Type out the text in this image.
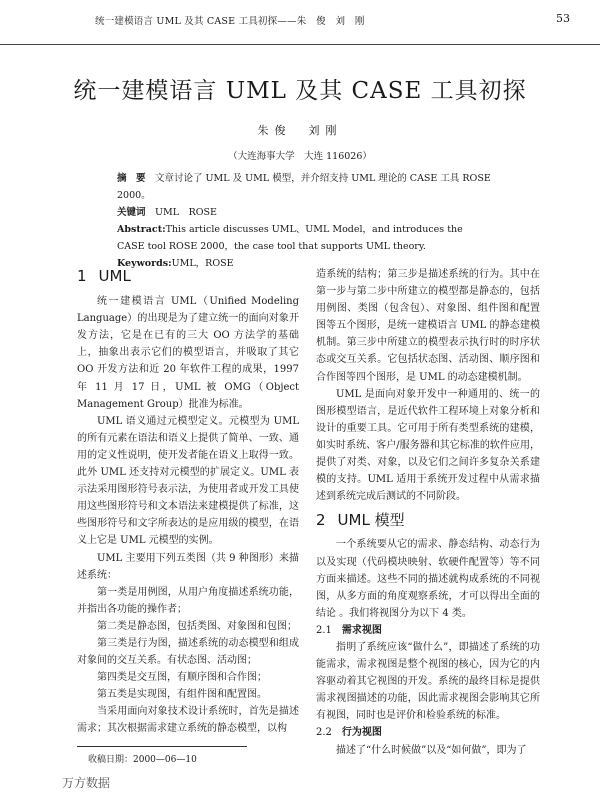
统一建模语言 UML 及其 CASE 工具初探——朱　俊　刘　刚	53
统一建模语言 UML 及其 CASE 工具初探
朱俊　刘刚
（大连海事大学　大连 116026）

摘　要　 文章讨论了 UML 及 UML 模型，并介绍支持 UML 理论的 CASE 工具 ROSE 2000。

关键词　 UML　ROSE

Abstract:This article discusses UML、UML Model，and introduces the CASE tool ROSE 2000，the case tool that supports UML theory.

Keywords:UML，ROSE

1 UML

统一建模语言 UML（Unified Modeling Language）的出现是为了建立统一的面向对象开发方法，它是在已有的三大 OO 方法学的基础上，抽象出表示它们的模型语言，并吸取了其它 OO 开发方法和近 20 年软件工程的成果，1997 年 11 月 17 日，UML 被 OMG（Object Management Group）批准为标准。

UML 语义通过元模型定义。元模型为 UML 的所有元素在语法和语义上提供了简单、一致、通用的定义性说明，使开发者能在语义上取得一致。此外 UML 还支持对元模型的扩展定义。UML 表示法采用图形符号表示法，为使用者或开发工具使用这些图形符号和文本语法来建模提供了标准，这些图形符号和文字所表达的是应用级的模型，在语义上它是 UML 元模型的实例。

UML 主要用下列五类图（共 9 种图形）来描述系统：

第一类是用例图，从用户角度描述系统功能，并指出各功能的操作者；

第二类是静态图，包括类图、对象图和包图；

第三类是行为图，描述系统的动态模型和组成对象间的交互关系。有状态图、活动图；

第四类是交互图，有顺序图和合作图；

第五类是实现图，有组件图和配置图。

当采用面向对象技术设计系统时，首先是描述需求；其次根据需求建立系统的静态模型，以构

造系统的结构；第三步是描述系统的行为。其中在第一步与第二步中所建立的模型都是静态的，包括用例图、类图（包含包）、对象图、组件图和配置图等五个图形，是统一建模语言 UML 的静态建模机制。第三步中所建立的模型表示执行时的时序状态或交互关系。它包括状态图、活动图、顺序图和合作图等四个图形，是 UML 的动态建模机制。

UML 是面向对象开发中一种通用的、统一的图形模型语言，是近代软件工程环境上对象分析和设计的重要工具。它可用于所有类型系统的建模，如实时系统、客户/服务器和其它标准的软件应用，提供了对类、对象，以及它们之间许多复杂关系建模的支持。UML 适用于系统开发过程中从需求描述到系统完成后测试的不同阶段。

2 UML 模型

一个系统要从它的需求、静态结构、动态行为以及实现（代码模块映射、软硬件配置等）等不同方面来描述。这些不同的描述就构成系统的不同视图，从多方面的角度观察系统，才可以得出全面的结论 。我们将视图分为以下 4 类。

2.1 需求视图

指明了系统应该“做什么”，即描述了系统的功能需求，需求视图是整个视图的核心，因为它的内容驱动着其它视图的开发。系统的最终目标是提供需求视图描述的功能，因此需求视图会影响其它所有视图，同时也是评价和检验系统的标准。

2.2 行为视图

描述了“什么时候做”以及“如何做”，即为了

收稿日期：2000—06—10
万方数据
